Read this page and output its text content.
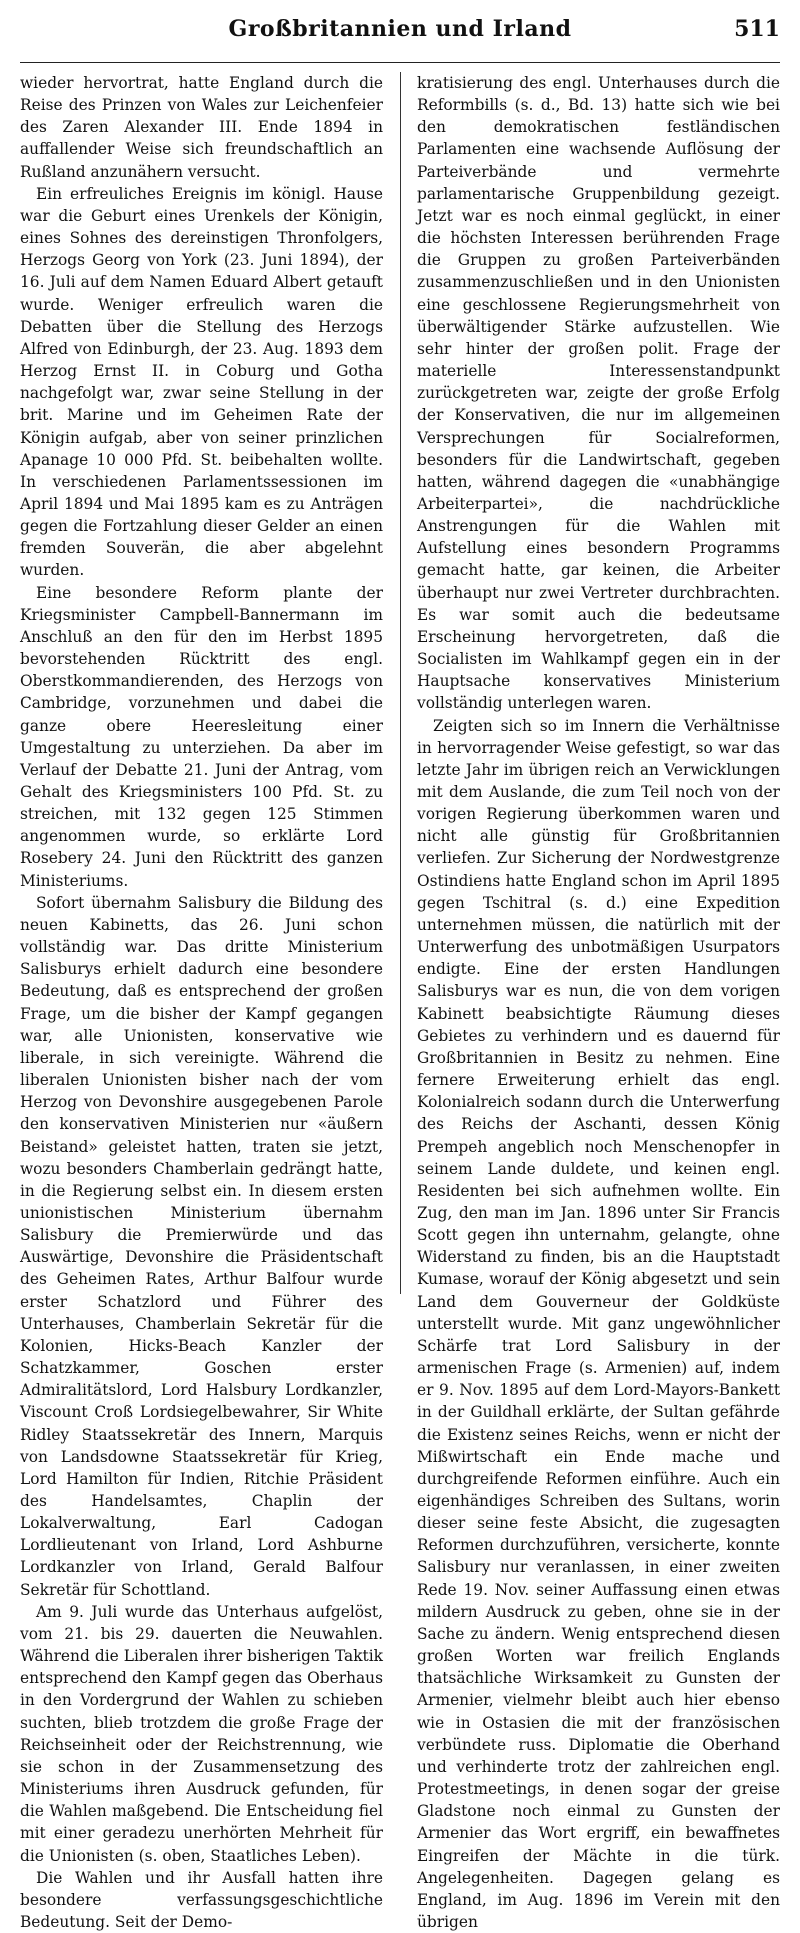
Großbritannien und Irland	511

wieder hervortrat, hatte England durch die Reise des Prinzen von Wales zur Leichenfeier des Zaren Alexander III. Ende 1894 in auffallender Weise sich freundschaftlich an Rußland anzunähern versucht.

Ein erfreuliches Ereignis im königl. Hause war die Geburt eines Urenkels der Königin, eines Sohnes des dereinstigen Thronfolgers, Herzogs Georg von York (23. Juni 1894), der 16. Juli auf dem Namen Eduard Albert getauft wurde. Weniger erfreulich waren die Debatten über die Stellung des Herzogs Alfred von Edinburgh, der 23. Aug. 1893 dem Herzog Ernst II. in Coburg und Gotha nachgefolgt war, zwar seine Stellung in der brit. Marine und im Geheimen Rate der Königin aufgab, aber von seiner prinzlichen Apanage 10 000 Pfd. St. beibehalten wollte. In verschiedenen Parlamentssessionen im April 1894 und Mai 1895 kam es zu Anträgen gegen die Fortzahlung dieser Gelder an einen fremden Souverän, die aber abgelehnt wurden.

Eine besondere Reform plante der Kriegsminister Campbell-Bannermann im Anschluß an den für den im Herbst 1895 bevorstehenden Rücktritt des engl. Oberstkommandierenden, des Herzogs von Cambridge, vorzunehmen und dabei die ganze obere Heeresleitung einer Umgestaltung zu unterziehen. Da aber im Verlauf der Debatte 21. Juni der Antrag, vom Gehalt des Kriegsministers 100 Pfd. St. zu streichen, mit 132 gegen 125 Stimmen angenommen wurde, so erklärte Lord Rosebery 24. Juni den Rücktritt des ganzen Ministeriums.

Sofort übernahm Salisbury die Bildung des neuen Kabinetts, das 26. Juni schon vollständig war. Das dritte Ministerium Salisburys erhielt dadurch eine besondere Bedeutung, daß es entsprechend der großen Frage, um die bisher der Kampf gegangen war, alle Unionisten, konservative wie liberale, in sich vereinigte. Während die liberalen Unionisten bisher nach der vom Herzog von Devonshire ausgegebenen Parole den konservativen Ministerien nur «äußern Beistand» geleistet hatten, traten sie jetzt, wozu besonders Chamberlain gedrängt hatte, in die Regierung selbst ein. In diesem ersten unionistischen Ministerium übernahm Salisbury die Premierwürde und das Auswärtige, Devonshire die Präsidentschaft des Geheimen Rates, Arthur Balfour wurde erster Schatzlord und Führer des Unterhauses, Chamberlain Sekretär für die Kolonien, Hicks-Beach Kanzler der Schatzkammer, Goschen erster Admiralitätslord, Lord Halsbury Lordkanzler, Viscount Croß Lordsiegelbewahrer, Sir White Ridley Staatssekretär des Innern, Marquis von Landsdowne Staatssekretär für Krieg, Lord Hamilton für Indien, Ritchie Präsident des Handelsamtes, Chaplin der Lokalverwaltung, Earl Cadogan Lordlieutenant von Irland, Lord Ashburne Lordkanzler von Irland, Gerald Balfour Sekretär für Schottland.

Am 9. Juli wurde das Unterhaus aufgelöst, vom 21. bis 29. dauerten die Neuwahlen. Während die Liberalen ihrer bisherigen Taktik entsprechend den Kampf gegen das Oberhaus in den Vordergrund der Wahlen zu schieben suchten, blieb trotzdem die große Frage der Reichseinheit oder der Reichstrennung, wie sie schon in der Zusammensetzung des Ministeriums ihren Ausdruck gefunden, für die Wahlen maßgebend. Die Entscheidung fiel mit einer geradezu unerhörten Mehrheit für die Unionisten (s. oben, Staatliches Leben).

Die Wahlen und ihr Ausfall hatten ihre besondere verfassungsgeschichtliche Bedeutung. Seit der Demo-

kratisierung des engl. Unterhauses durch die Reformbills (s. d., Bd. 13) hatte sich wie bei den demokratischen festländischen Parlamenten eine wachsende Auflösung der Parteiverbände und vermehrte parlamentarische Gruppenbildung gezeigt. Jetzt war es noch einmal geglückt, in einer die höchsten Interessen berührenden Frage die Gruppen zu großen Parteiverbänden zusammenzuschließen und in den Unionisten eine geschlossene Regierungsmehrheit von überwältigender Stärke aufzustellen. Wie sehr hinter der großen polit. Frage der materielle Interessenstandpunkt zurückgetreten war, zeigte der große Erfolg der Konservativen, die nur im allgemeinen Versprechungen für Socialreformen, besonders für die Landwirtschaft, gegeben hatten, während dagegen die «unabhängige Arbeiterpartei», die nachdrückliche Anstrengungen für die Wahlen mit Aufstellung eines besondern Programms gemacht hatte, gar keinen, die Arbeiter überhaupt nur zwei Vertreter durchbrachten. Es war somit auch die bedeutsame Erscheinung hervorgetreten, daß die Socialisten im Wahlkampf gegen ein in der Hauptsache konservatives Ministerium vollständig unterlegen waren.

Zeigten sich so im Innern die Verhältnisse in hervorragender Weise gefestigt, so war das letzte Jahr im übrigen reich an Verwicklungen mit dem Auslande, die zum Teil noch von der vorigen Regierung überkommen waren und nicht alle günstig für Großbritannien verliefen. Zur Sicherung der Nordwestgrenze Ostindiens hatte England schon im April 1895 gegen Tschitral (s. d.) eine Expedition unternehmen müssen, die natürlich mit der Unterwerfung des unbotmäßigen Usurpators endigte. Eine der ersten Handlungen Salisburys war es nun, die von dem vorigen Kabinett beabsichtigte Räumung dieses Gebietes zu verhindern und es dauernd für Großbritannien in Besitz zu nehmen. Eine fernere Erweiterung erhielt das engl. Kolonialreich sodann durch die Unterwerfung des Reichs der Aschanti, dessen König Prempeh angeblich noch Menschenopfer in seinem Lande duldete, und keinen engl. Residenten bei sich aufnehmen wollte. Ein Zug, den man im Jan. 1896 unter Sir Francis Scott gegen ihn unternahm, gelangte, ohne Widerstand zu finden, bis an die Hauptstadt Kumase, worauf der König abgesetzt und sein Land dem Gouverneur der Goldküste unterstellt wurde. Mit ganz ungewöhnlicher Schärfe trat Lord Salisbury in der armenischen Frage (s. Armenien) auf, indem er 9. Nov. 1895 auf dem Lord-Mayors-Bankett in der Guildhall erklärte, der Sultan gefährde die Existenz seines Reichs, wenn er nicht der Mißwirtschaft ein Ende mache und durchgreifende Reformen einführe. Auch ein eigenhändiges Schreiben des Sultans, worin dieser seine feste Absicht, die zugesagten Reformen durchzuführen, versicherte, konnte Salisbury nur veranlassen, in einer zweiten Rede 19. Nov. seiner Auffassung einen etwas mildern Ausdruck zu geben, ohne sie in der Sache zu ändern. Wenig entsprechend diesen großen Worten war freilich Englands thatsächliche Wirksamkeit zu Gunsten der Armenier, vielmehr bleibt auch hier ebenso wie in Ostasien die mit der französischen verbündete russ. Diplomatie die Oberhand und verhinderte trotz der zahlreichen engl. Protestmeetings, in denen sogar der greise Gladstone noch einmal zu Gunsten der Armenier das Wort ergriff, ein bewaffnetes Eingreifen der Mächte in die türk. Angelegenheiten. Dagegen gelang es England, im Aug. 1896 im Verein mit den übrigen
